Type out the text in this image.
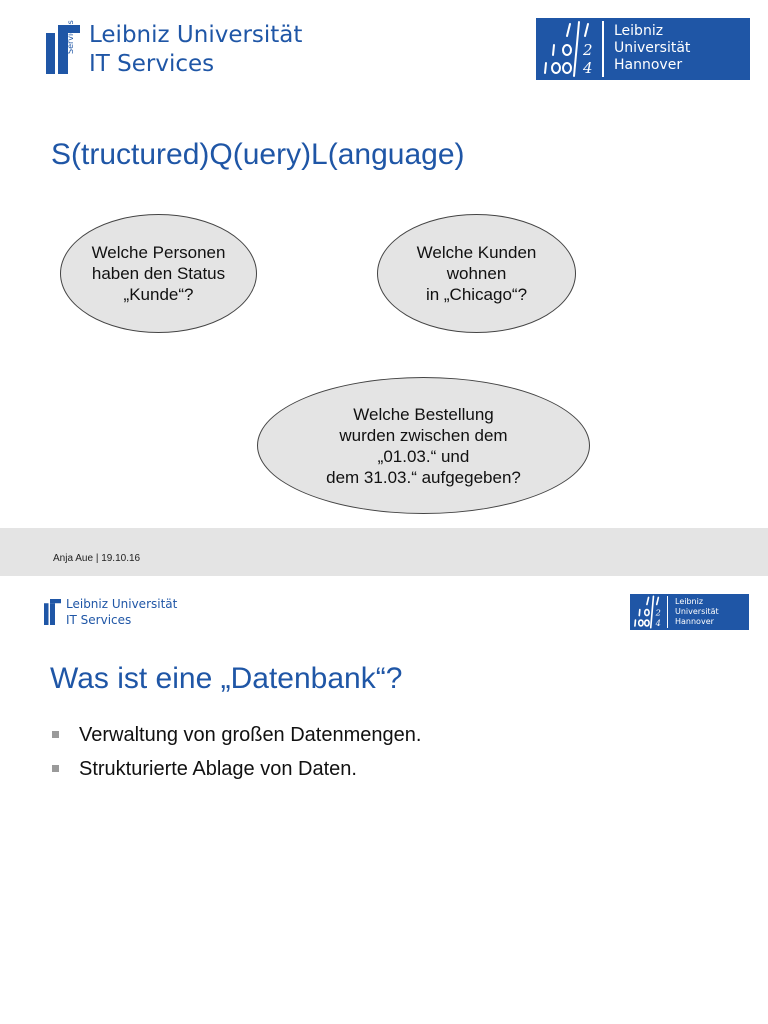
Services Leibniz Universität
IT Services
2
4
Leibniz
Universität
Hannover
S(tructured)Q(uery)L(anguage)
Welche Personen
haben den Status
„Kunde“?
Welche Kunden
wohnen
in „Chicago“?
Welche Bestellung
wurden zwischen dem
„01.03.“ und
dem 31.03.“ aufgegeben?
Anja Aue | 19.10.16
Leibniz Universität
IT Services
2
4
Leibniz
Universität
Hannover
Was ist eine „Datenbank“?
Verwaltung von großen Datenmengen.
Strukturierte Ablage von Daten.
